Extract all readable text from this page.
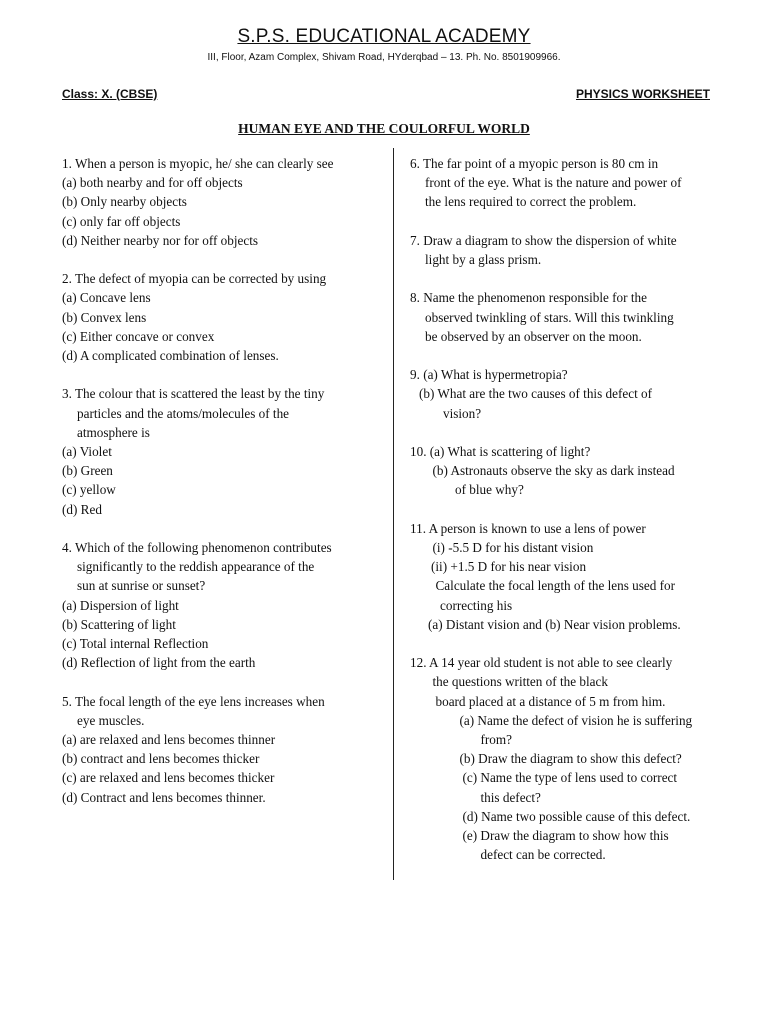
S.P.S. EDUCATIONAL ACADEMY
III, Floor, Azam Complex, Shivam Road, HYderqbad – 13. Ph. No. 8501909966.
Class: X. (CBSE)	PHYSICS WORKSHEET
HUMAN EYE AND THE COULORFUL WORLD
1. When a person is myopic, he/ she can clearly see
(a) both nearby and for off objects
(b) Only nearby objects
(c) only far off objects
(d) Neither nearby nor for off objects
2. The defect of myopia can be corrected by using
(a) Concave lens
(b) Convex lens
(c) Either concave or convex
(d) A complicated combination of lenses.
3. The colour that is scattered the least by the tiny
particles and the atoms/molecules of the
atmosphere is
(a) Violet
(b) Green
(c) yellow
(d) Red
4. Which of the following phenomenon contributes
significantly to the reddish appearance of the
sun at sunrise or sunset?
(a) Dispersion of light
(b) Scattering of light
(c) Total internal Reflection
(d) Reflection of light from the earth
5. The focal length of the eye lens increases when
eye muscles.
(a) are relaxed and lens becomes thinner
(b) contract and lens becomes thicker
(c) are relaxed and lens becomes thicker
(d) Contract and lens becomes thinner.
6. The far point of a myopic person is 80 cm in
front of the eye. What is the nature and power of
the lens required to correct the problem.
7. Draw a diagram to show the dispersion of white
light by a glass prism.
8. Name the phenomenon responsible for the
observed twinkling of stars. Will this twinkling
be observed by an observer on the moon.
9. (a) What is hypermetropia?
(b) What are the two causes of this defect of
vision?
10. (a) What is scattering of light?
(b) Astronauts observe the sky as dark instead
of blue why?
11. A person is known to use a lens of power
(i) -5.5 D for his distant vision
(ii) +1.5 D for his near vision
Calculate the focal length of the lens used for
correcting his
(a) Distant vision and (b) Near vision problems.
12. A 14 year old student is not able to see clearly
the questions written of the black
board placed at a distance of 5 m from him.
(a) Name the defect of vision he is suffering
from?
(b) Draw the diagram to show this defect?
(c) Name the type of lens used to correct
this defect?
(d) Name two possible cause of this defect.
(e) Draw the diagram to show how this
defect can be corrected.
